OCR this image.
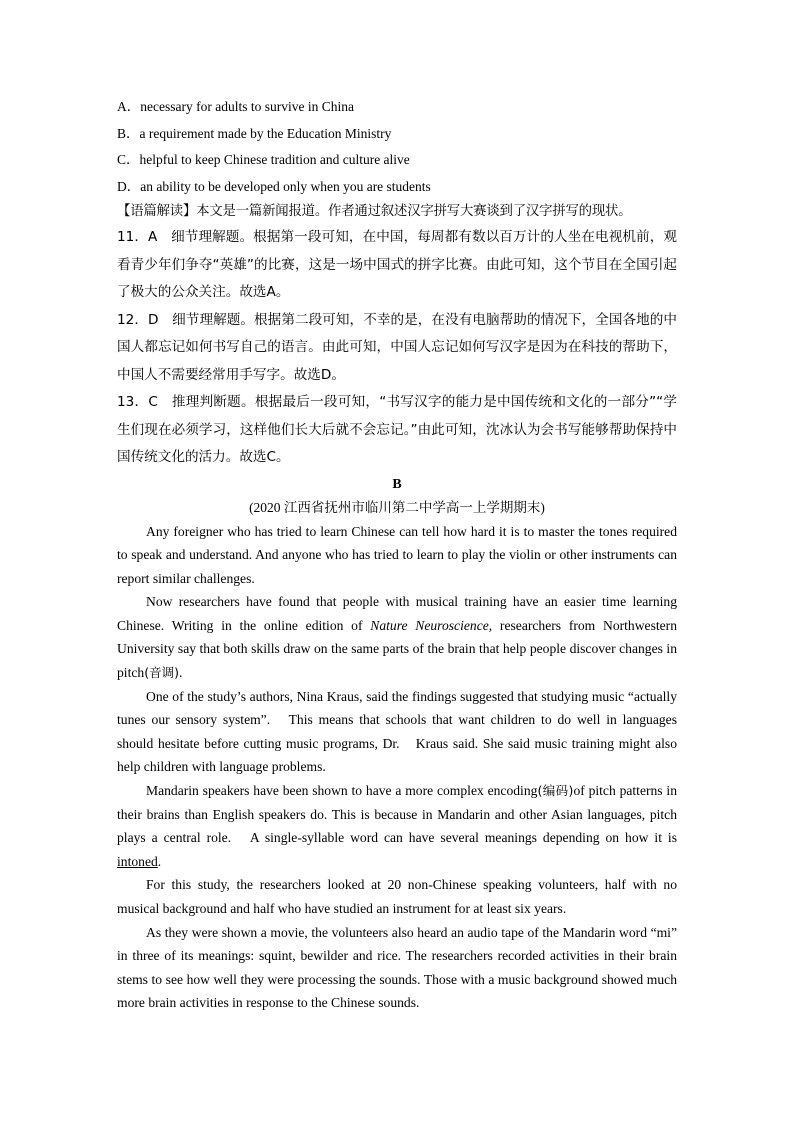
A．necessary for adults to survive in China
B．a requirement made by the Education Ministry
C．helpful to keep Chinese tradition and culture alive
D．an ability to be developed only when you are students
【语篇解读】本文是一篇新闻报道。作者通过叙述汉字拼写大赛谈到了汉字拼写的现状。
11．A　细节理解题。根据第一段可知，在中国，每周都有数以百万计的人坐在电视机前，观看青少年们争夺“英雄”的比赛，这是一场中国式的拼字比赛。由此可知，这个节目在全国引起了极大的公众关注。故选A。
12．D　细节理解题。根据第二段可知，不幸的是，在没有电脑帮助的情况下，全国各地的中国人都忘记如何书写自己的语言。由此可知，中国人忘记如何写汉字是因为在科技的帮助下，中国人不需要经常用手写字。故选D。
13．C　推理判断题。根据最后一段可知，“书写汉字的能力是中国传统和文化的一部分”“学生们现在必须学习，这样他们长大后就不会忘记。”由此可知，沈冰认为会书写能够帮助保持中国传统文化的活力。故选C。
B
(2020 江西省抚州市临川第二中学高一上学期期末)

Any foreigner who has tried to learn Chinese can tell how hard it is to master the tones required to speak and understand. And anyone who has tried to learn to play the violin or other instruments can report similar challenges.

Now researchers have found that people with musical training have an easier time learning Chinese. Writing in the online edition of Nature Neuroscience, researchers from Northwestern University say that both skills draw on the same parts of the brain that help people discover changes in pitch(音调).

One of the study’s authors, Nina Kraus, said the findings suggested that studying music “actually tunes our sensory system”.　This means that schools that want children to do well in languages should hesitate before cutting music programs, Dr.　Kraus said. She said music training might also help children with language problems.

Mandarin speakers have been shown to have a more complex encoding(编码)of pitch patterns in their brains than English speakers do. This is because in Mandarin and other Asian languages, pitch plays a central role.　A single-syllable word can have several meanings depending on how it is intoned.

For this study, the researchers looked at 20 non-Chinese speaking volunteers, half with no musical background and half who have studied an instrument for at least six years.

As they were shown a movie, the volunteers also heard an audio tape of the Mandarin word “mi” in three of its meanings: squint, bewilder and rice. The researchers recorded activities in their brain stems to see how well they were processing the sounds. Those with a music background showed much more brain activities in response to the Chinese sounds.
